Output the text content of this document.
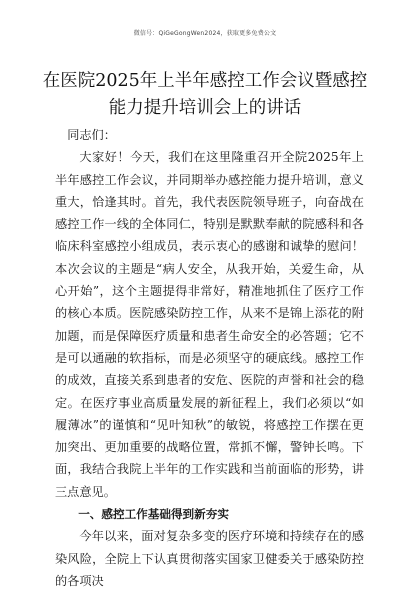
微信号：QiGeGongWen2024，获取更多免费公文
在医院2025年上半年感控工作会议暨感控能力提升培训会上的讲话

同志们：

大家好！今天，我们在这里隆重召开全院2025年上半年感控工作会议，并同期举办感控能力提升培训，意义重大，恰逢其时。首先，我代表医院领导班子，向奋战在感控工作一线的全体同仁，特别是默默奉献的院感科和各临床科室感控小组成员，表示衷心的感谢和诚挚的慰问！本次会议的主题是“病人安全，从我开始，关爱生命，从心开始”，这个主题提得非常好，精准地抓住了医疗工作的核心本质。医院感染防控工作，从来不是锦上添花的附加题，而是保障医疗质量和患者生命安全的必答题；它不是可以通融的软指标，而是必须坚守的硬底线。感控工作的成效，直接关系到患者的安危、医院的声誉和社会的稳定。在医疗事业高质量发展的新征程上，我们必须以“如履薄冰”的谨慎和“见叶知秋”的敏锐，将感控工作摆在更加突出、更加重要的战略位置，常抓不懈，警钟长鸣。下面，我结合我院上半年的工作实践和当前面临的形势，讲三点意见。

一、感控工作基础得到新夯实

今年以来，面对复杂多变的医疗环境和持续存在的感染风险，全院上下认真贯彻落实国家卫健委关于感染防控的各项决
